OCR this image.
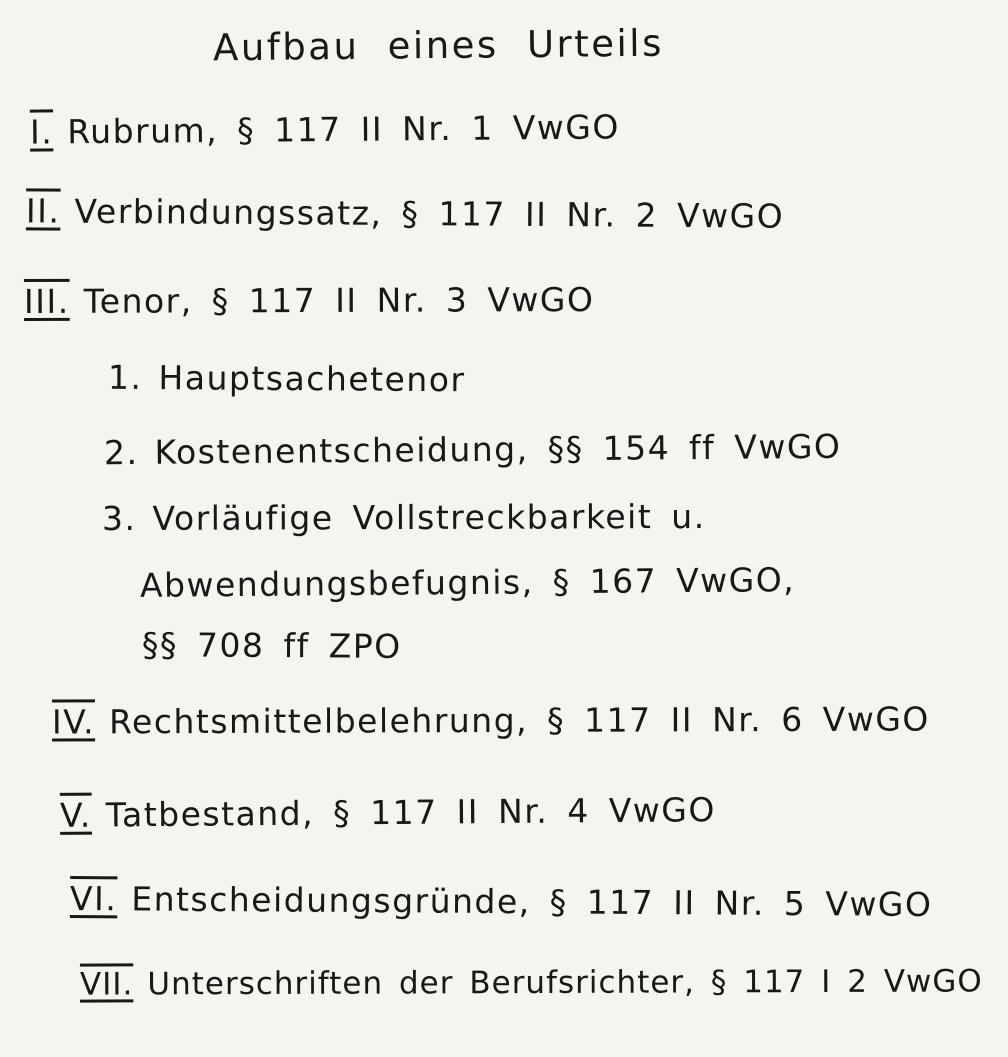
Aufbau eines Urteils
I. Rubrum, § 117 II Nr. 1 VwGO
II. Verbindungssatz, § 117 II Nr. 2 VwGO
III. Tenor, § 117 II Nr. 3 VwGO
1. Hauptsachetenor
2. Kostenentscheidung, §§ 154 ff VwGO
3. Vorläufige Vollstreckbarkeit u.
Abwendungsbefugnis, § 167 VwGO,
§§ 708 ff ZPO
IV. Rechtsmittelbelehrung, § 117 II Nr. 6 VwGO
V. Tatbestand, § 117 II Nr. 4 VwGO
VI. Entscheidungsgründe, § 117 II Nr. 5 VwGO
VII. Unterschriften der Berufsrichter, § 117 I 2 VwGO
